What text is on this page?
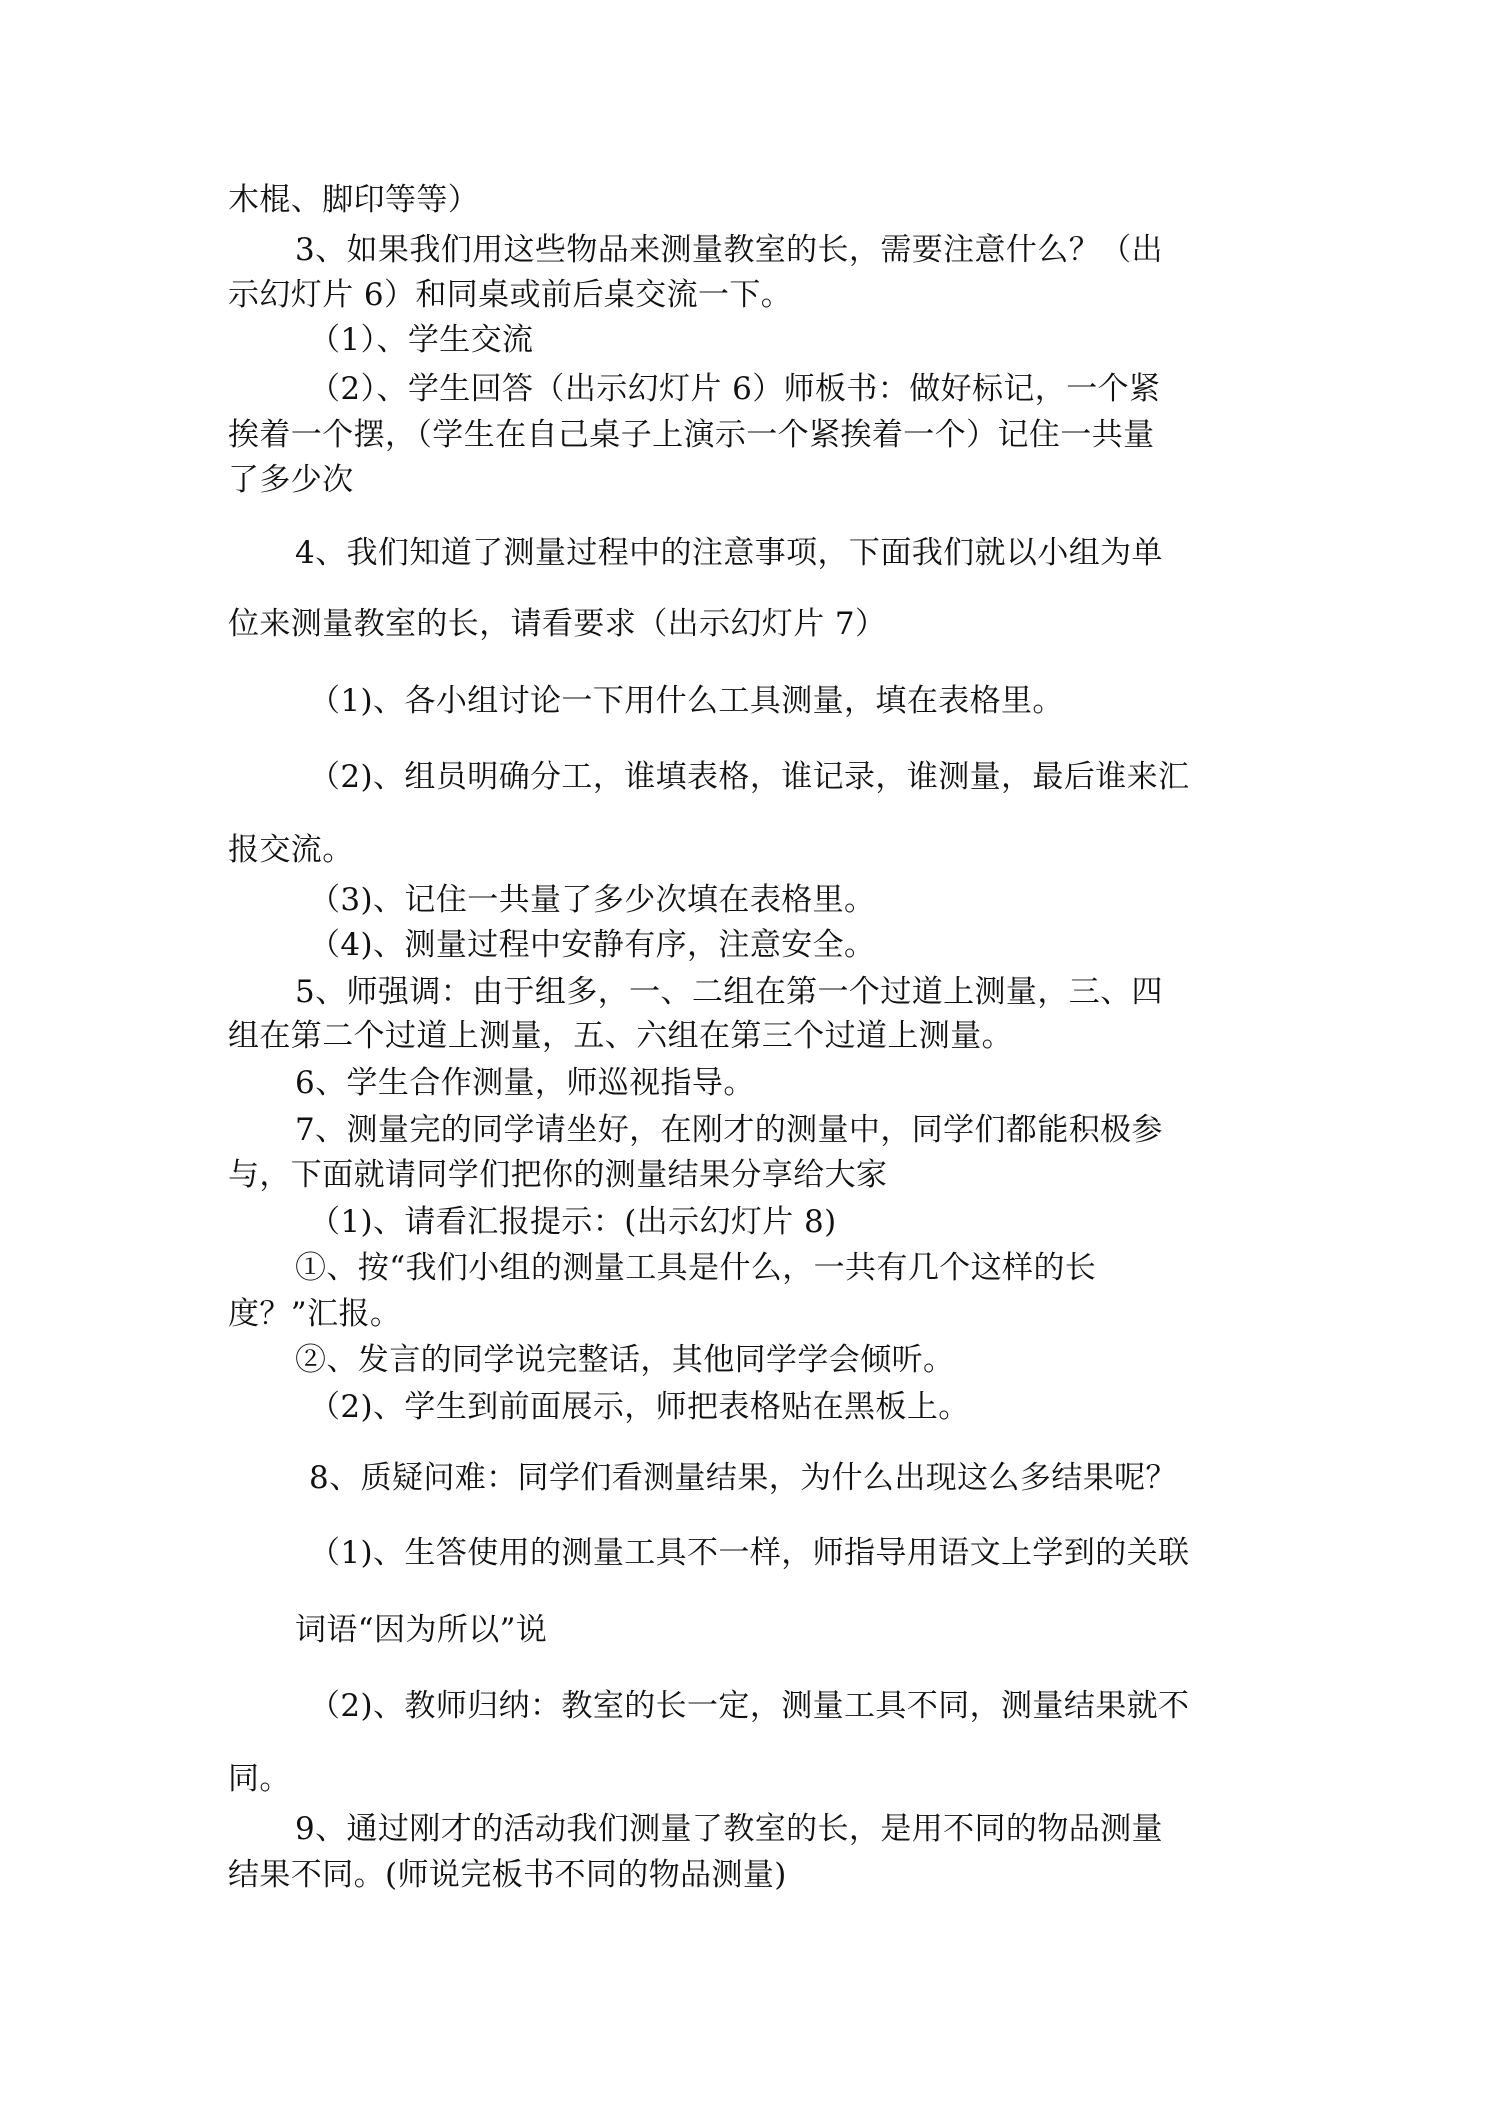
木棍、脚印等等）
3、如果我们用这些物品来测量教室的长，需要注意什么？（出
示幻灯片 6）和同桌或前后桌交流一下。
（1）、学生交流
（2）、学生回答（出示幻灯片 6）师板书：做好标记，一个紧
挨着一个摆，（学生在自己桌子上演示一个紧挨着一个）记住一共量
了多少次
4、我们知道了测量过程中的注意事项，下面我们就以小组为单
位来测量教室的长，请看要求（出示幻灯片 7）
（1)、各小组讨论一下用什么工具测量，填在表格里。
（2)、组员明确分工，谁填表格，谁记录，谁测量，最后谁来汇
报交流。
（3)、记住一共量了多少次填在表格里。
（4)、测量过程中安静有序，注意安全。
5、师强调：由于组多，一、二组在第一个过道上测量，三、四
组在第二个过道上测量，五、六组在第三个过道上测量。
6、学生合作测量，师巡视指导。
7、测量完的同学请坐好，在刚才的测量中，同学们都能积极参
与，下面就请同学们把你的测量结果分享给大家
（1)、请看汇报提示：(出示幻灯片 8)
①、按“我们小组的测量工具是什么，一共有几个这样的长
度？”汇报。
②、发言的同学说完整话，其他同学学会倾听。
（2)、学生到前面展示，师把表格贴在黑板上。
8、质疑问难：同学们看测量结果，为什么出现这么多结果呢？
（1)、生答使用的测量工具不一样，师指导用语文上学到的关联
词语“因为所以”说
（2)、教师归纳：教室的长一定，测量工具不同，测量结果就不
同。
9、通过刚才的活动我们测量了教室的长，是用不同的物品测量
结果不同。(师说完板书不同的物品测量)
